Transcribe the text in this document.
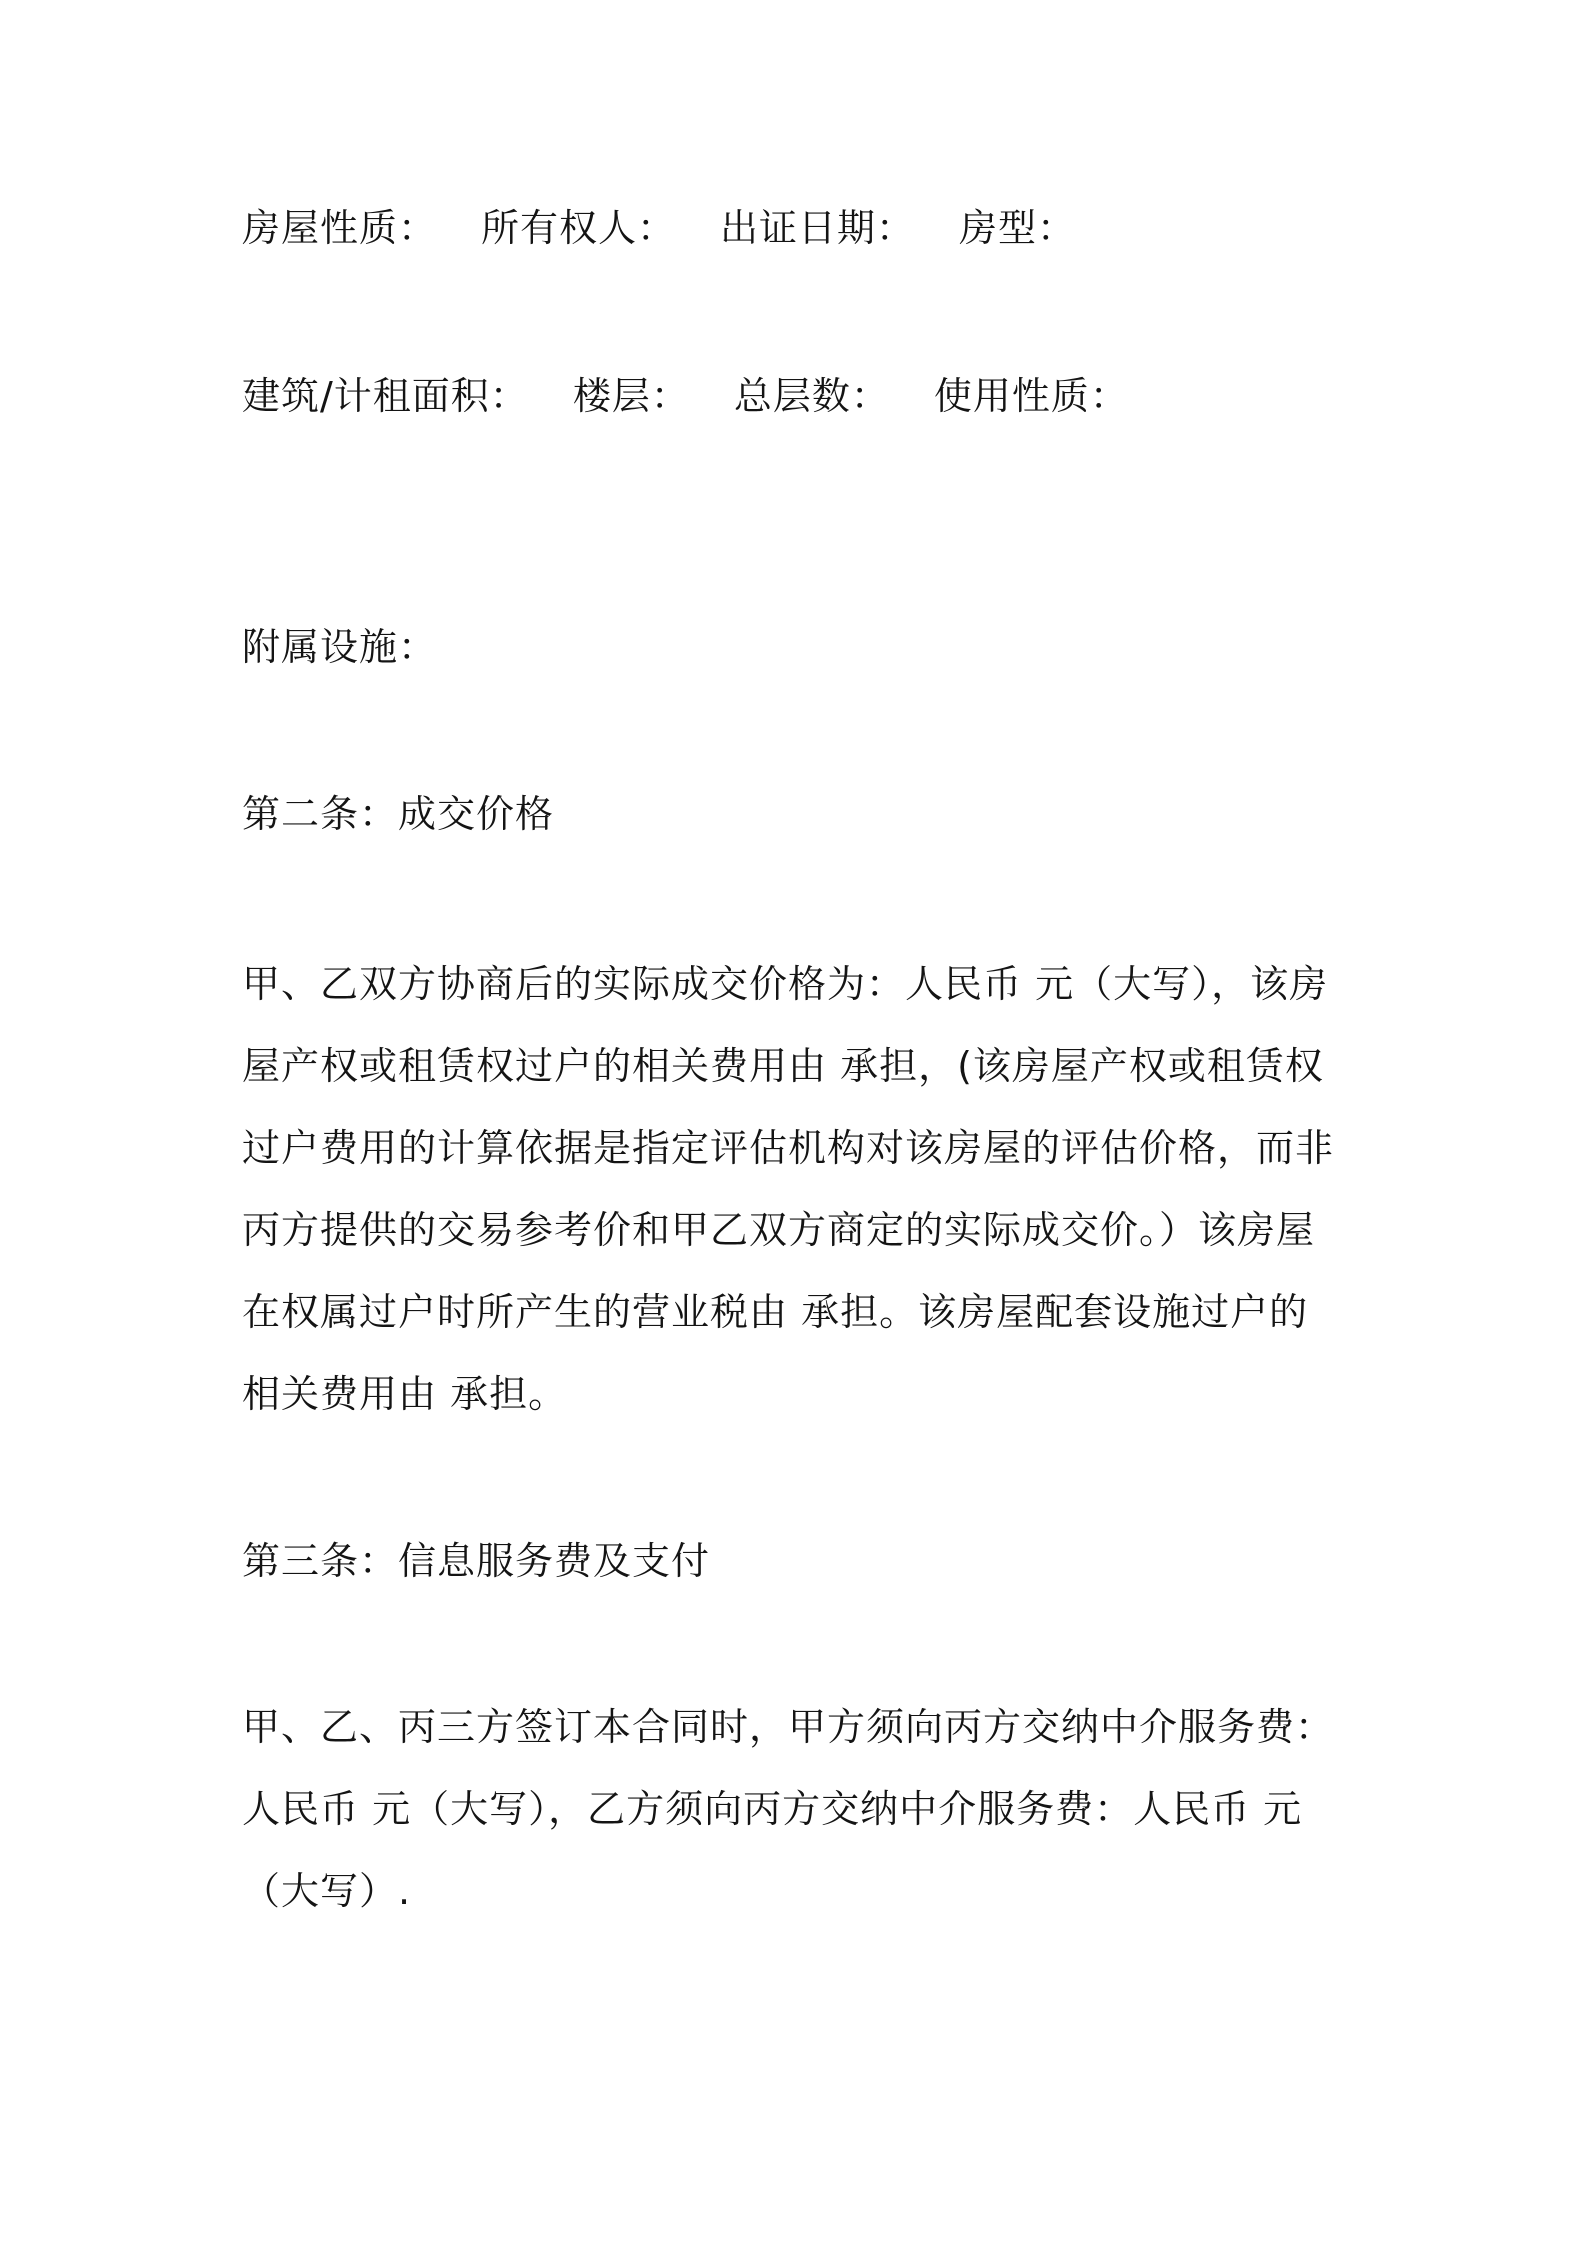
房屋性质： 所有权人： 出证日期： 房型：
建筑/计租面积： 楼层： 总层数： 使用性质：
附属设施：
第二条：成交价格
甲、乙双方协商后的实际成交价格为：人民币 元（大写），该房
屋产权或租赁权过户的相关费用由 承担，(该房屋产权或租赁权
过户费用的计算依据是指定评估机构对该房屋的评估价格，而非
丙方提供的交易参考价和甲乙双方商定的实际成交价。）该房屋
在权属过户时所产生的营业税由 承担。该房屋配套设施过户的
相关费用由 承担。
第三条：信息服务费及支付
甲、乙、丙三方签订本合同时，甲方须向丙方交纳中介服务费：
人民币 元（大写），乙方须向丙方交纳中介服务费：人民币 元
（大写）.
